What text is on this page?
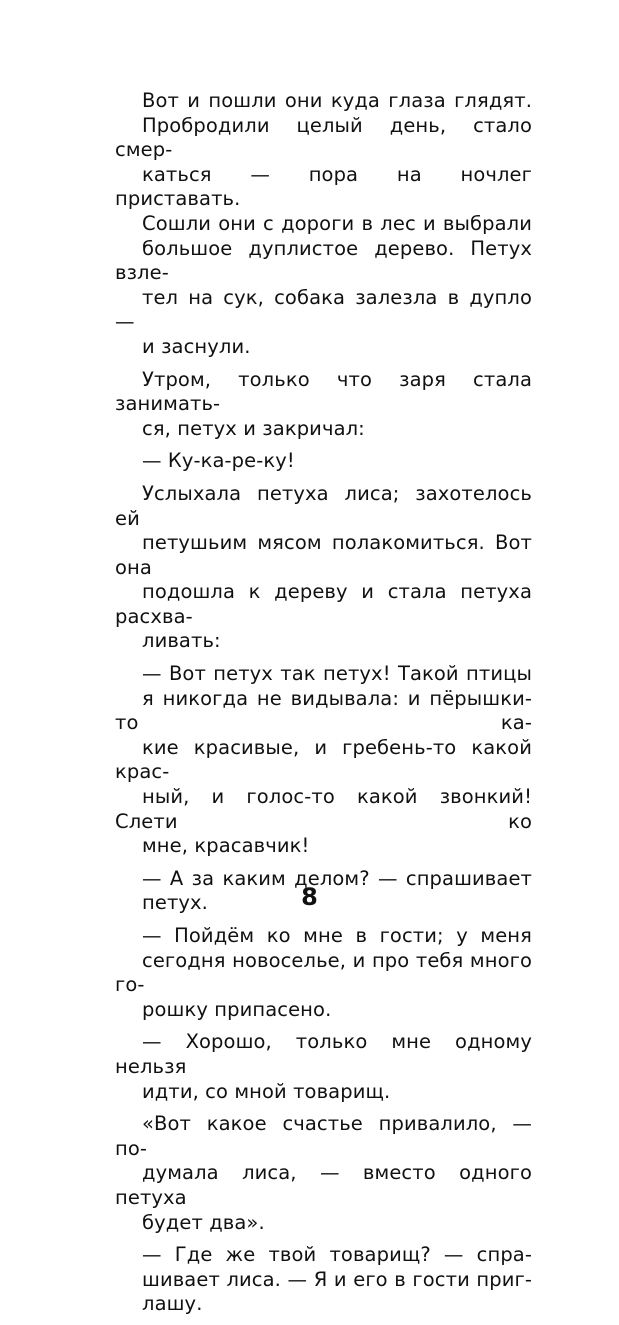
Вот и пошли они куда глаза глядят.
Пробродили целый день, стало смер-
каться — пора на ночлег приставать.
Сошли они с дороги в лес и выбрали
большое дуплистое дерево. Петух взле-
тел на сук, собака залезла в дупло —
и заснули.
Утром, только что заря стала занимать-
ся, петух и закричал:
— Ку-ка-ре-ку!
Услыхала петуха лиса; захотелось ей
петушьим мясом полакомиться. Вот она
подошла к дереву и стала петуха расхва-
ливать:
— Вот петух так петух! Такой птицы
я никогда не видывала: и пёрышки-то ка-
кие красивые, и гребень-то какой крас-
ный, и голос-то какой звонкий! Слети ко
мне, красавчик!
— А за каким делом? — спрашивает
петух.
— Пойдём ко мне в гости; у меня
сегодня новоселье, и про тебя много го-
рошку припасено.
— Хорошо, только мне одному нельзя
идти, со мной товарищ.
«Вот какое счастье привалило, — по-
думала лиса, — вместо одного петуха
будет два».
— Где же твой товарищ? — спра-
шивает лиса. — Я и его в гости приг-
лашу.
8
